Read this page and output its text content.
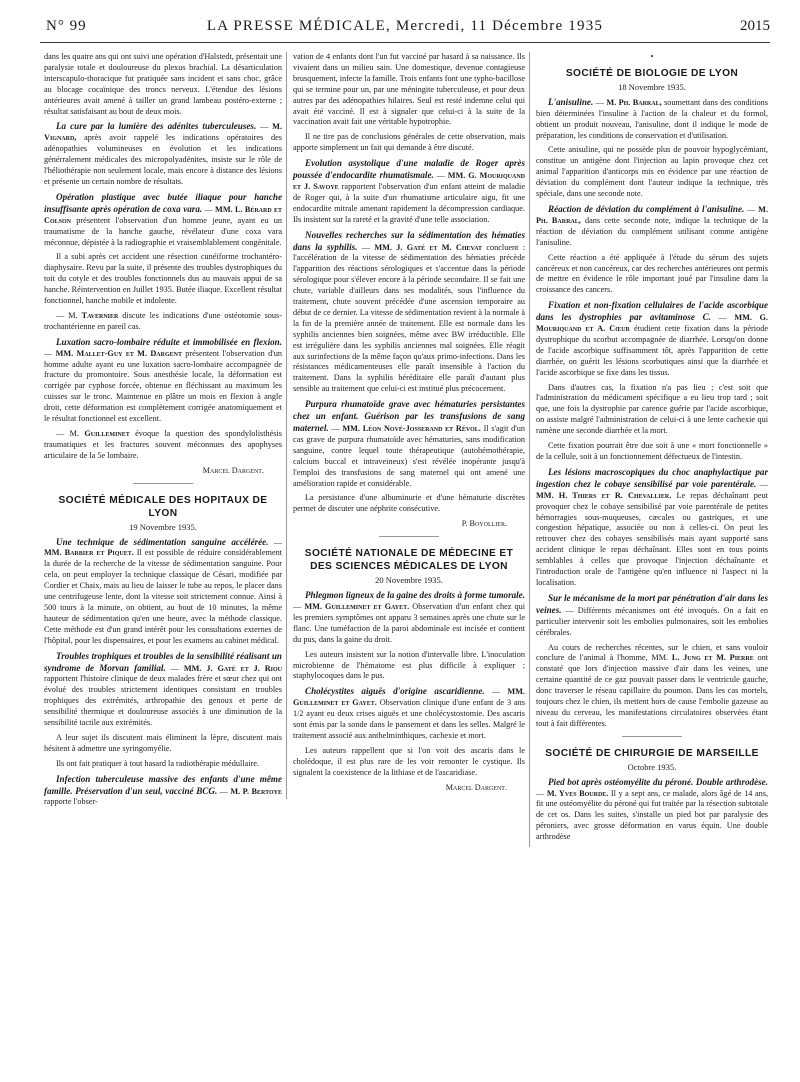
N° 99	LA PRESSE MÉDICALE, Mercredi, 11 Décembre 1935	2015

dans les quatre ans qui ont suivi une opération d'Halstedt, présentait une paralysie totale et douloureuse du plexus brachial. La désarticulation interscapulo-thoracique fut pratiquée sans incident et sans choc, grâce au blocage cocaïnique des troncs nerveux. L'étendue des lésions antérieures avait amené à tailler un grand lambeau postéro-externe ; résultat satisfaisant au bout de deux mois.

La cure par la lumière des adénites tuberculeuses. — M. Vignard, après avoir rappelé les indications opératoires des adénopathies volumineuses en évolution et les indications générralement médicales des micropolyadénites, insiste sur le rôle de l'héliothérapie non seulement locale, mais encore à distance des lésions et présente un certain nombre de résultats.

Opération plastique avec butée iliaque pour hanche insuffisante après opération de coxa vara. — MM. L. Bérard et Colson présentent l'observation d'un homme jeune, ayant eu un traumatisme de la hanche gauche, révélateur d'une coxa vara méconnue, dépistée à la radiographie et vraisemblablement congénitale.

Il a subi après cet accident une résection cunéiforme trochantéro-diaphysaire. Revu par la suite, il présente des troubles dystrophiques du toit du cotyle et des troubles fonctionnels dus au mauvais appui de sa hanche. Réintervention en Juillet 1935. Butée iliaque. Excellent résultat fonctionnel, hanche mobile et indolente.

— M. Tavernier discute les indications d'une ostéotomie sous-trochantérienne en pareil cas.

Luxation sacro-lombaire réduite et immobilisée en flexion. — MM. Mallet-Guy et M. Dargent présentent l'observation d'un homme adulte ayant eu une luxation sacro-lombaire accompagnée de fracture du promontoire. Sous anesthésie locale, la déformation est corrigée par cyphose forcée, obtenue en fléchissant au maximum les cuisses sur le tronc. Maintenue en plâtre un mois en flexion à angle droit, cette déformation est complètement corrigée anatomiquement et le résultat fonctionnel est excellent.

— M. Guilleminet évoque la question des spondylolisthésis traumatiques et les fractures souvent méconnues des apophyses articulaire de la 5e lombaire.

Marcel Dargent.
SOCIÉTÉ MÉDICALE DES HOPITAUX DE LYON
19 Novembre 1935.

Une technique de sédimentation sanguine accélérée. — MM. Barbier et Piquet. Il est possible de réduire considérablement la durée de la recherche de la vitesse de sédimentation sanguine. Pour cela, on peut employer la technique classique de Césari, modifiée par Cordier et Chaix, mais au lieu de laisser le tube au repos, le placer dans une centrifugeuse lente, dont la vitesse soit strictement connue. Ainsi à 500 tours à la minute, on obtient, au bout de 10 minutes, la même hauteur de sédimentation qu'en une heure, avec la méthode classique. Cette méthode est d'un grand intérêt pour les consultations externes de l'hôpital, pour les dispensaires, et pour les examens au cabinet médical.

Troubles trophiques et troubles de la sensibilité réalisant un syndrome de Morvan familial. — MM. J. Gaté et J. Riou rapportent l'histoire clinique de deux malades frère et sœur chez qui ont évolué des troubles strictement identiques consistant en troubles trophiques des extrémités, arthropathie des genoux et perte de sensibilité thermique et douloureuse associés à une diminution de la sensibilité tactile aux extrémités.

A leur sujet ils discutent mais éliminent la lèpre, discutent mais hésitent à admettre une syringomyélie.

Ils ont fait pratiquer à tout hasard la radiothérapie médullaire.

Infection tuberculeuse massive des enfants d'une même famille. Préservation d'un seul, vacciné BCG. — M. P. Bertoye rapporte l'obser-

vation de 4 enfants dont l'un fut vacciné par hasard à sa naissance. Ils vivaient dans un milieu sain. Une domestique, devenue contagieuse brusquement, infecte la famille. Trois enfants font une typho-bacillose qui se termine pour un, par une méningite tuberculeuse, et pour deux autres par des adénopathies hilaires. Seul est resté indemne celui qui avait été vacciné. Il est à signaler que celui-ci à la suite de la vaccination avait fait une véritable hypotrophie.

Il ne tire pas de conclusions générales de cette observation, mais apporte simplement un fait qui demande à être discuté.

Evolution asystolique d'une maladie de Roger après poussée d'endocardite rhumatismale. — MM. G. Mouriquand et J. Savoye rapportent l'observation d'un enfant atteint de maladie de Roger qui, à la suite d'un rhumatisme articulaire aigu, fit une endocardite mitrale amenant rapidement la décompression cardiaque. Ils insistent sur la rareté et la gravité d'une telle association.

Nouvelles recherches sur la sédimentation des hématies dans la syphilis. — MM. J. Gaté et M. Chevat concluent : l'accélération de la vitesse de sédimentation des hématies précède l'apparition des réactions sérologiques et s'accentue dans la période sérologique pour s'élever encore à la période secondaire. Il se fait une chute, variable d'ailleurs dans ses modalités, sous l'influence du traitement, chute souvent précédée d'une ascension temporaire au début de ce dernier. La vitesse de sédimentation revient à la normale à la fin de la première année de traitement. Elle est normale dans les syphilis anciennes bien soignées, même avec BW irréductible. Elle est irrégulière dans les syphilis anciennes mal soignées. Elle réagit aux surinfections de la même façon qu'aux primo-infections. Dans les résistances médicamenteuses elle paraît insensible à l'action du traitement. Dans la syphilis héréditaire elle paraît d'autant plus sensible au traitement que celui-ci est institué plus précocement.

Purpura rhumatoïde grave avec hématuries persistantes chez un enfant. Guérison par les transfusions de sang maternel. — MM. Léon Nové-Josserand et Révol. Il s'agit d'un cas grave de purpura rhumatoïde avec hématuries, sans modification sanguine, contre lequel toute thérapeutique (autohémothérapie, calcium buccal et intraveineux) s'est révélée inopérante jusqu'à l'emploi des transfusions de sang maternel qui ont amené une amélioration rapide et considérable.

La persistance d'une albuminurie et d'une hématurie discrètes permet de discuter une néphrite consécutive.

P. Boyollier.
SOCIÉTÉ NATIONALE DE MÉDECINE ET DES SCIENCES MÉDICALES DE LYON
20 Novembre 1935.

Phlegmon ligneux de la gaine des droits à forme tumorale. — MM. Guilleminet et Gayet. Observation d'un enfant chez qui les premiers symptômes ont apparu 3 semaines après une chute sur le flanc. Une tuméfaction de la paroi abdominale est incisée et contient du pus, dans la gaine du droit.

Les auteurs insistent sur la notion d'intervalle libre. L'inoculation microbienne de l'hématome est plus difficile à expliquer ; staphylocoques dans le pus.

Cholécystites aiguës d'origine ascaridienne. — MM. Guilleminet et Gayet. Observation clinique d'une enfant de 3 ans 1/2 ayant eu deux crises aiguës et une cholécystostomie. Des ascaris sont émis par la sonde dans le pansement et dans les selles. Malgré le traitement associé aux anthelminthiques, cachexie et mort.

Les auteurs rappellent que si l'on voit des ascaris dans le cholédoque, il est plus rare de les voir remonter le cystique. Ils signalent la coexistence de la lithiase et de l'ascaridiase.

Marcel Dargent.
•
SOCIÉTÉ DE BIOLOGIE DE LYON
18 Novembre 1935.

L'anisuline. — M. Ph. Barral, soumettant dans des conditions bien déterminées l'insuline à l'action de la chaleur et du formol, obtient un produit nouveau, l'anisuline, dont il indique le mode de préparation, les conditions de conservation et d'utilisation.

Cette anisuline, qui ne possède plus de pouvoir hypoglycémiant, constitue un antigène dont l'injection au lapin provoque chez cet animal l'apparition d'anticorps mis en évidence par une réaction de déviation du complément dont l'auteur indique la technique, très spéciale, dans une seconde note.

Réaction de déviation du complément à l'anisuline. — M. Ph. Barral, dans cette seconde note, indique la technique de la réaction de déviation du complément utilisant comme antigène l'anisuline.

Cette réaction a été appliquée à l'étude du sérum des sujets cancéreux et non cancéreux, car des recherches antérieures ont permis de mettre en évidence le rôle important joué par l'insuline dans la croissance des cancers.

Fixation et non-fixation cellulaires de l'acide ascorbique dans les dystrophies par avitaminose C. — MM. G. Mouriquand et A. Cœur étudient cette fixation dans la période dystrophique du scorbut accompagnée de diarrhée. Lorsqu'on donne de l'acide ascorbique suffisamment tôt, après l'apparition de cette diarrhée, on guérit les lésions scorbutiques ainsi que la diarrhée et l'acide ascorbique se fixe dans les tissus.

Dans d'autres cas, la fixation n'a pas lieu ; c'est soit que l'administration du médicament spécifique a eu lieu trop tard ; soit que, une fois la dystrophie par carence guérie par l'acide ascorbique, on assiste malgré l'administration de celui-ci à une lente cachexie qui ramène une seconde diarrhée et la mort.

Cette fixation pourrait être due soit à une « mort fonctionnelle » de la cellule, soit à un fonctionnement défectueux de l'intestin.

Les lésions macroscopiques du choc anaphylactique par ingestion chez le cobaye sensibilisé par voie parentérale. — MM. H. Thiers et R. Chevallier. Le repas déchaînant peut provoquer chez le cobaye sensibilisé par voie parentérale de petites hémorragies sous-muqueuses, cæcales ou gastriques, et une congestion hépatique, associée ou non à celles-ci. On peut les retrouver chez des cobayes sensibilisés mais ayant supporté sans accident clinique le repas déchaînant. Elles sont en tous points semblables à celles que provoque l'injection déchaînante et l'introduction orale de l'antigène qu'en influence ni l'aspect ni la localisation.

Sur le mécanisme de la mort par pénétration d'air dans les veines. — Différents mécanismes ont été invoqués. On a fait en particulier intervenir soit les embolies pulmonaires, soit les embolies cérébrales.

Au cours de recherches récentes, sur le chien, et sans vouloir conclure de l'animal à l'homme, MM. L. Jung et M. Pierre ont constaté que lors d'injection massive d'air dans les veines, une certaine quantité de ce gaz pouvait passer dans le ventricule gauche, donc traverser le réseau capillaire du poumon. Dans les cas mortels, toujours chez le chien, ils mettent hors de cause l'embolie gazeuse au niveau du cerveau, les manifestations circulatoires observées étant tout à fait différentes.

SOCIÉTÉ DE CHIRURGIE DE MARSEILLE
Octobre 1935.

Pied bot après ostéomyélite du péroné. Double arthrodèse. — M. Yves Bourde. Il y a sept ans, ce malade, alors âgé de 14 ans, fit une ostéomyélite du péroné qui fut traitée par la résection subtotale de cet os. Dans les suites, s'installe un pied bot par paralysie des péroniers, avec grosse déformation en varus équin. Une double arthrodèse
